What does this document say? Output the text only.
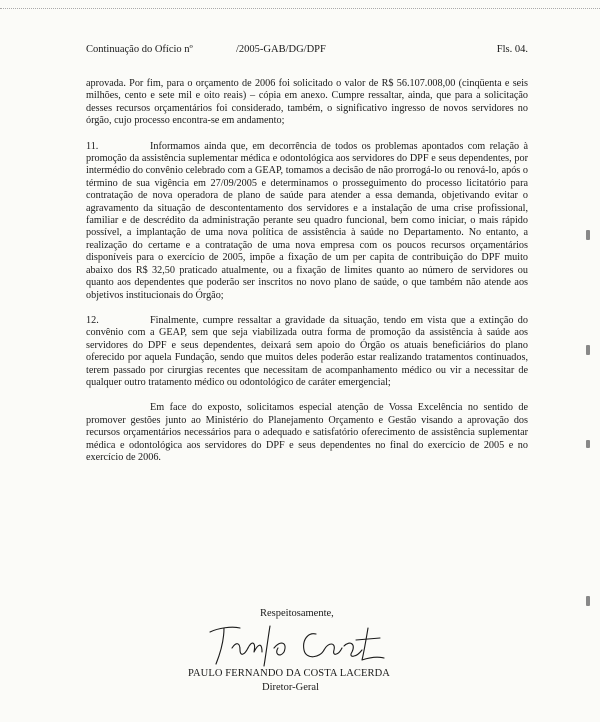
Continuação do Ofício nº	/2005-GAB/DG/DPF	Fls. 04.

aprovada. Por fim, para o orçamento de 2006 foi solicitado o valor de R$ 56.107.008,00 (cinqüenta e seis milhões, cento e sete mil e oito reais) – cópia em anexo. Cumpre ressaltar, ainda, que para a solicitação desses recursos orçamentários foi considerado, também, o significativo ingresso de novos servidores no órgão, cujo processo encontra-se em andamento;

11.	Informamos ainda que, em decorrência de todos os problemas apontados com relação à promoção da assistência suplementar médica e odontológica aos servidores do DPF e seus dependentes, por intermédio do convênio celebrado com a GEAP, tomamos a decisão de não prorrogá-lo ou renová-lo, após o término de sua vigência em 27/09/2005 e determinamos o prosseguimento do processo licitatório para contratação de nova operadora de plano de saúde para atender a essa demanda, objetivando evitar o agravamento da situação de descontentamento dos servidores e a instalação de uma crise profissional, familiar e de descrédito da administração perante seu quadro funcional, bem como iniciar, o mais rápido possível, a implantação de uma nova política de assistência à saúde no Departamento. No entanto, a realização do certame e a contratação de uma nova empresa com os poucos recursos orçamentários disponíveis para o exercício de 2005, impõe a fixação de um per capita de contribuição do DPF muito abaixo dos R$ 32,50 praticado atualmente, ou a fixação de limites quanto ao número de servidores ou quanto aos dependentes que poderão ser inscritos no novo plano de saúde, o que também não atende aos objetivos institucionais do Órgão;

12.	Finalmente, cumpre ressaltar a gravidade da situação, tendo em vista que a extinção do convênio com a GEAP, sem que seja viabilizada outra forma de promoção da assistência à saúde aos servidores do DPF e seus dependentes, deixará sem apoio do Órgão os atuais beneficiários do plano oferecido por aquela Fundação, sendo que muitos deles poderão estar realizando tratamentos continuados, terem passado por cirurgias recentes que necessitam de acompanhamento médico ou vir a necessitar de qualquer outro tratamento médico ou odontológico de caráter emergencial;

Em face do exposto, solicitamos especial atenção de Vossa Excelência no sentido de promover gestões junto ao Ministério do Planejamento Orçamento e Gestão visando a aprovação dos recursos orçamentários necessários para o adequado e satisfatório oferecimento de assistência suplementar médica e odontológica aos servidores do DPF e seus dependentes no final do exercício de 2005 e no exercício de 2006.

Respeitosamente,
PAULO FERNANDO DA COSTA LACERDA
Diretor-Geral
